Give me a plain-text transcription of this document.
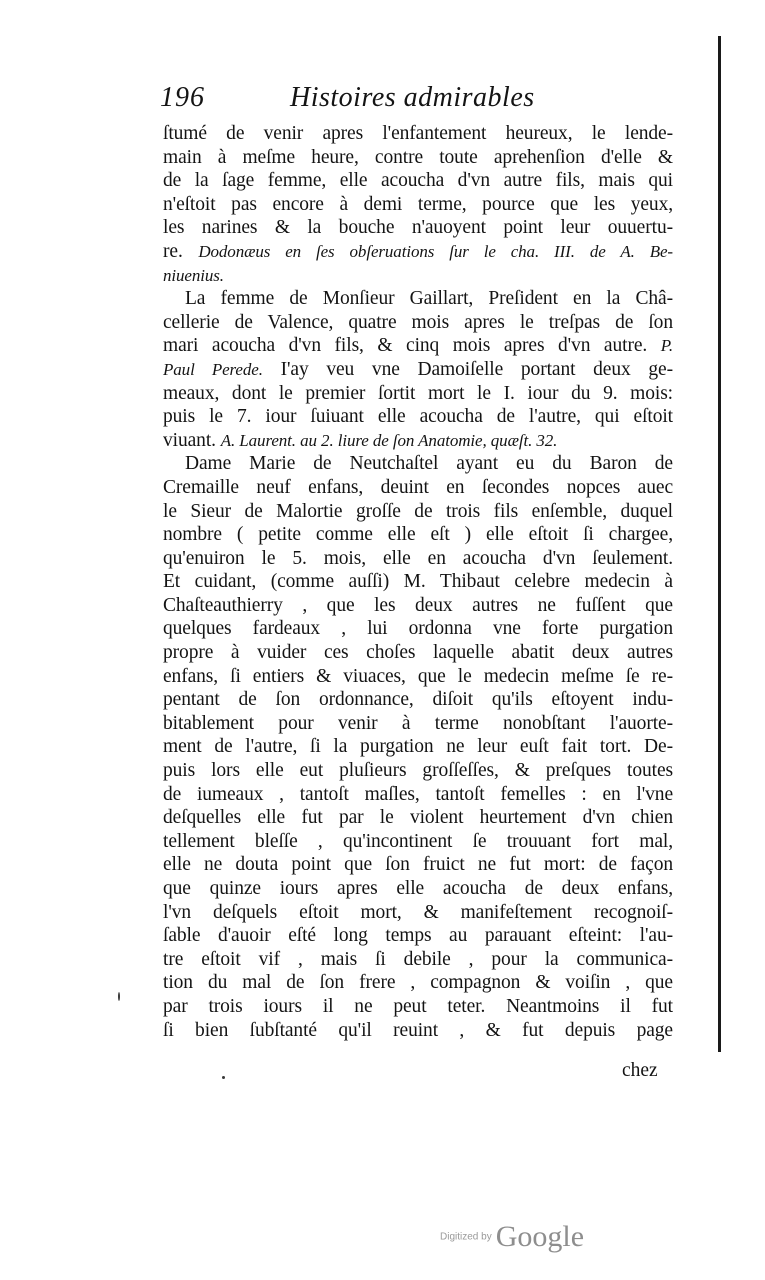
196	Histoires admirables
ſtumé de venir apres l'enfantement heureux, le lende-
main à meſme heure, contre toute aprehenſion d'elle &
de la ſage femme, elle acoucha d'vn autre fils, mais qui
n'eſtoit pas encore à demi terme, pource que les yeux,
les narines & la bouche n'auoyent point leur ouuertu-
re. Dodonæus en ſes obſeruations ſur le cha. III. de A. Be-
niuenius.
La femme de Monſieur Gaillart, Preſident en la Châ-
cellerie de Valence, quatre mois apres le treſpas de ſon
mari acoucha d'vn fils, & cinq mois apres d'vn autre. P.
Paul Perede. I'ay veu vne Damoiſelle portant deux ge-
meaux, dont le premier ſortit mort le I. iour du 9. mois:
puis le 7. iour ſuiuant elle acoucha de l'autre, qui eſtoit
viuant. A. Laurent. au 2. liure de ſon Anatomie, quæſt. 32.
Dame Marie de Neutchaſtel ayant eu du Baron de
Cremaille neuf enfans, deuint en ſecondes nopces auec
le Sieur de Malortie groſſe de trois fils enſemble, duquel
nombre ( petite comme elle eſt ) elle eſtoit ſi chargee,
qu'enuiron le 5. mois, elle en acoucha d'vn ſeulement.
Et cuidant, (comme auſſi) M. Thibaut celebre medecin à
Chaſteauthierry , que les deux autres ne fuſſent que
quelques fardeaux , lui ordonna vne forte purgation
propre à vuider ces choſes laquelle abatit deux autres
enfans, ſi entiers & viuaces, que le medecin meſme ſe re-
pentant de ſon ordonnance, diſoit qu'ils eſtoyent indu-
bitablement pour venir à terme nonobſtant l'auorte-
ment de l'autre, ſi la purgation ne leur euſt fait tort. De-
puis lors elle eut pluſieurs groſſeſſes, & preſques toutes
de iumeaux , tantoſt maſles, tantoſt femelles : en l'vne
deſquelles elle fut par le violent heurtement d'vn chien
tellement bleſſe , qu'incontinent ſe trouuant fort mal,
elle ne douta point que ſon fruict ne fut mort: de façon
que quinze iours apres elle acoucha de deux enfans,
l'vn deſquels eſtoit mort, & manifeſtement recognoiſ-
ſable d'auoir eſté long temps au parauant eſteint: l'au-
tre eſtoit vif , mais ſi debile , pour la communica-
tion du mal de ſon frere , compagnon & voiſin , que
par trois iours il ne peut teter. Neantmoins il fut
ſi bien ſubſtanté qu'il reuint , & fut depuis page
chez
Digitized by Google
